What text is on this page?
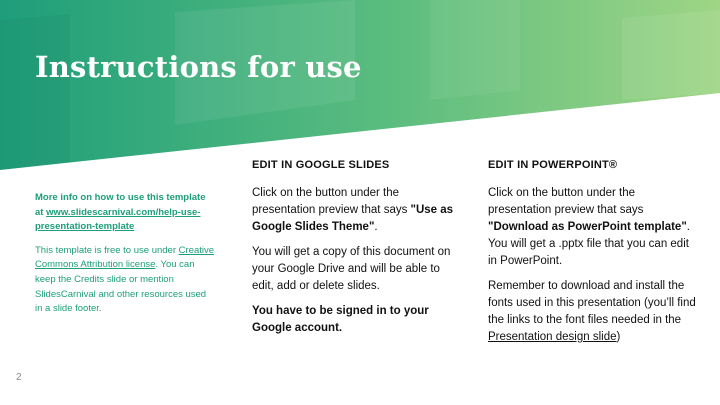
Instructions for use

More info on how to use this template at www.slidescarnival.com/help-use-presentation-template

This template is free to use under Creative Commons Attribution license. You can keep the Credits slide or mention SlidesCarnival and other resources used in a slide footer.

EDIT IN GOOGLE SLIDES

Click on the button under the presentation preview that says "Use as Google Slides Theme".

You will get a copy of this document on your Google Drive and will be able to edit, add or delete slides.

You have to be signed in to your Google account.

EDIT IN POWERPOINT®

Click on the button under the presentation preview that says "Download as PowerPoint template". You will get a .pptx file that you can edit in PowerPoint.

Remember to download and install the fonts used in this presentation (you’ll find the links to the font files needed in the Presentation design slide)

2
